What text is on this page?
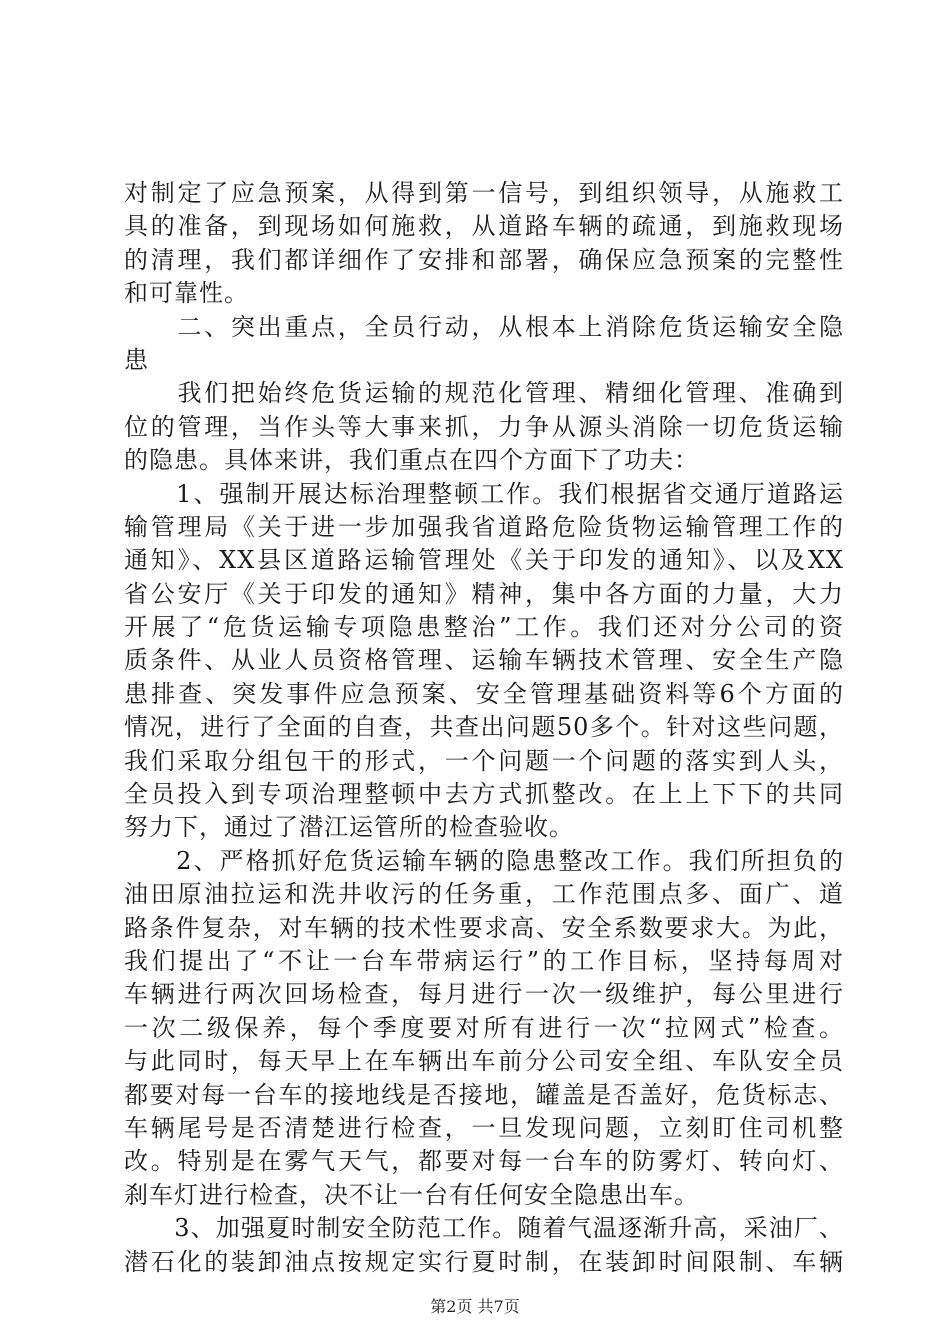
对制定了应急预案，从得到第一信号，到组织领导，从施救工
具的准备，到现场如何施救，从道路车辆的疏通，到施救现场
的清理，我们都详细作了安排和部署，确保应急预案的完整性
和可靠性。
　　二、突出重点，全员行动，从根本上消除危货运输安全隐
患
　　我们把始终危货运输的规范化管理、精细化管理、准确到
位的管理，当作头等大事来抓，力争从源头消除一切危货运输
的隐患。具体来讲，我们重点在四个方面下了功夫：
　　1、强制开展达标治理整顿工作。我们根据省交通厅道路运
输管理局《关于进一步加强我省道路危险货物运输管理工作的
通知》、XX县区道路运输管理处《关于印发的通知》、以及XX
省公安厅《关于印发的通知》精神，集中各方面的力量，大力
开展了“危货运输专项隐患整治”工作。我们还对分公司的资
质条件、从业人员资格管理、运输车辆技术管理、安全生产隐
患排查、突发事件应急预案、安全管理基础资料等6个方面的
情况，进行了全面的自查，共查出问题50多个。针对这些问题，
我们采取分组包干的形式，一个问题一个问题的落实到人头，
全员投入到专项治理整顿中去方式抓整改。在上上下下的共同
努力下，通过了潜江运管所的检查验收。
　　2、严格抓好危货运输车辆的隐患整改工作。我们所担负的
油田原油拉运和洗井收污的任务重，工作范围点多、面广、道
路条件复杂，对车辆的技术性要求高、安全系数要求大。为此，
我们提出了“不让一台车带病运行”的工作目标，坚持每周对
车辆进行两次回场检查，每月进行一次一级维护，每公里进行
一次二级保养，每个季度要对所有进行一次“拉网式”检查。
与此同时，每天早上在车辆出车前分公司安全组、车队安全员
都要对每一台车的接地线是否接地，罐盖是否盖好，危货标志、
车辆尾号是否清楚进行检查，一旦发现问题，立刻盯住司机整
改。特别是在雾气天气，都要对每一台车的防雾灯、转向灯、
刹车灯进行检查，决不让一台有任何安全隐患出车。
　　3、加强夏时制安全防范工作。随着气温逐渐升高，采油厂、
潜石化的装卸油点按规定实行夏时制，在装卸时间限制、车辆
第2页 共7页
